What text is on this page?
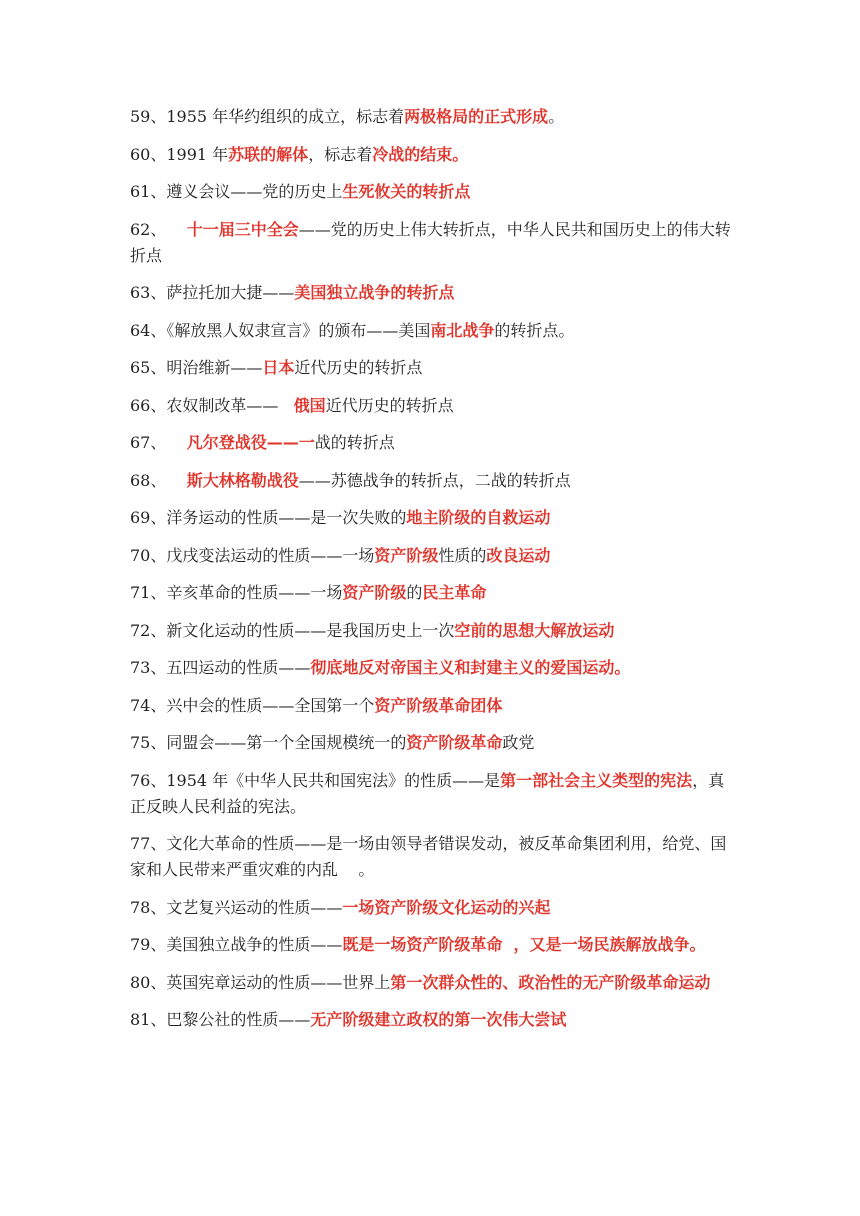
59、1955 年华约组织的成立，标志着两极格局的正式形成。
60、1991 年苏联的解体，标志着冷战的结束。
61、遵义会议——党的历史上生死攸关的转折点
62、    十一届三中全会——党的历史上伟大转折点，中华人民共和国历史上的伟大转折点
63、萨拉托加大捷——美国独立战争的转折点
64、《解放黑人奴隶宣言》的颁布——美国南北战争的转折点。
65、明治维新——日本近代历史的转折点
66、农奴制改革——   俄国近代历史的转折点
67、    凡尔登战役——一战的转折点
68、    斯大林格勒战役——苏德战争的转折点，二战的转折点
69、洋务运动的性质——是一次失败的地主阶级的自救运动
70、戊戌变法运动的性质——一场资产阶级性质的改良运动
71、辛亥革命的性质——一场资产阶级的民主革命
72、新文化运动的性质——是我国历史上一次空前的思想大解放运动
73、五四运动的性质——彻底地反对帝国主义和封建主义的爱国运动。
74、兴中会的性质——全国第一个资产阶级革命团体
75、同盟会——第一个全国规模统一的资产阶级革命政党
76、1954 年《中华人民共和国宪法》的性质——是第一部社会主义类型的宪法，真正反映人民利益的宪法。
77、文化大革命的性质——是一场由领导者错误发动，被反革命集团利用，给党、国家和人民带来严重灾难的内乱    。
78、文艺复兴运动的性质——一场资产阶级文化运动的兴起
79、美国独立战争的性质——既是一场资产阶级革命  ，又是一场民族解放战争。
80、英国宪章运动的性质——世界上第一次群众性的、政治性的无产阶级革命运动
81、巴黎公社的性质——无产阶级建立政权的第一次伟大尝试
